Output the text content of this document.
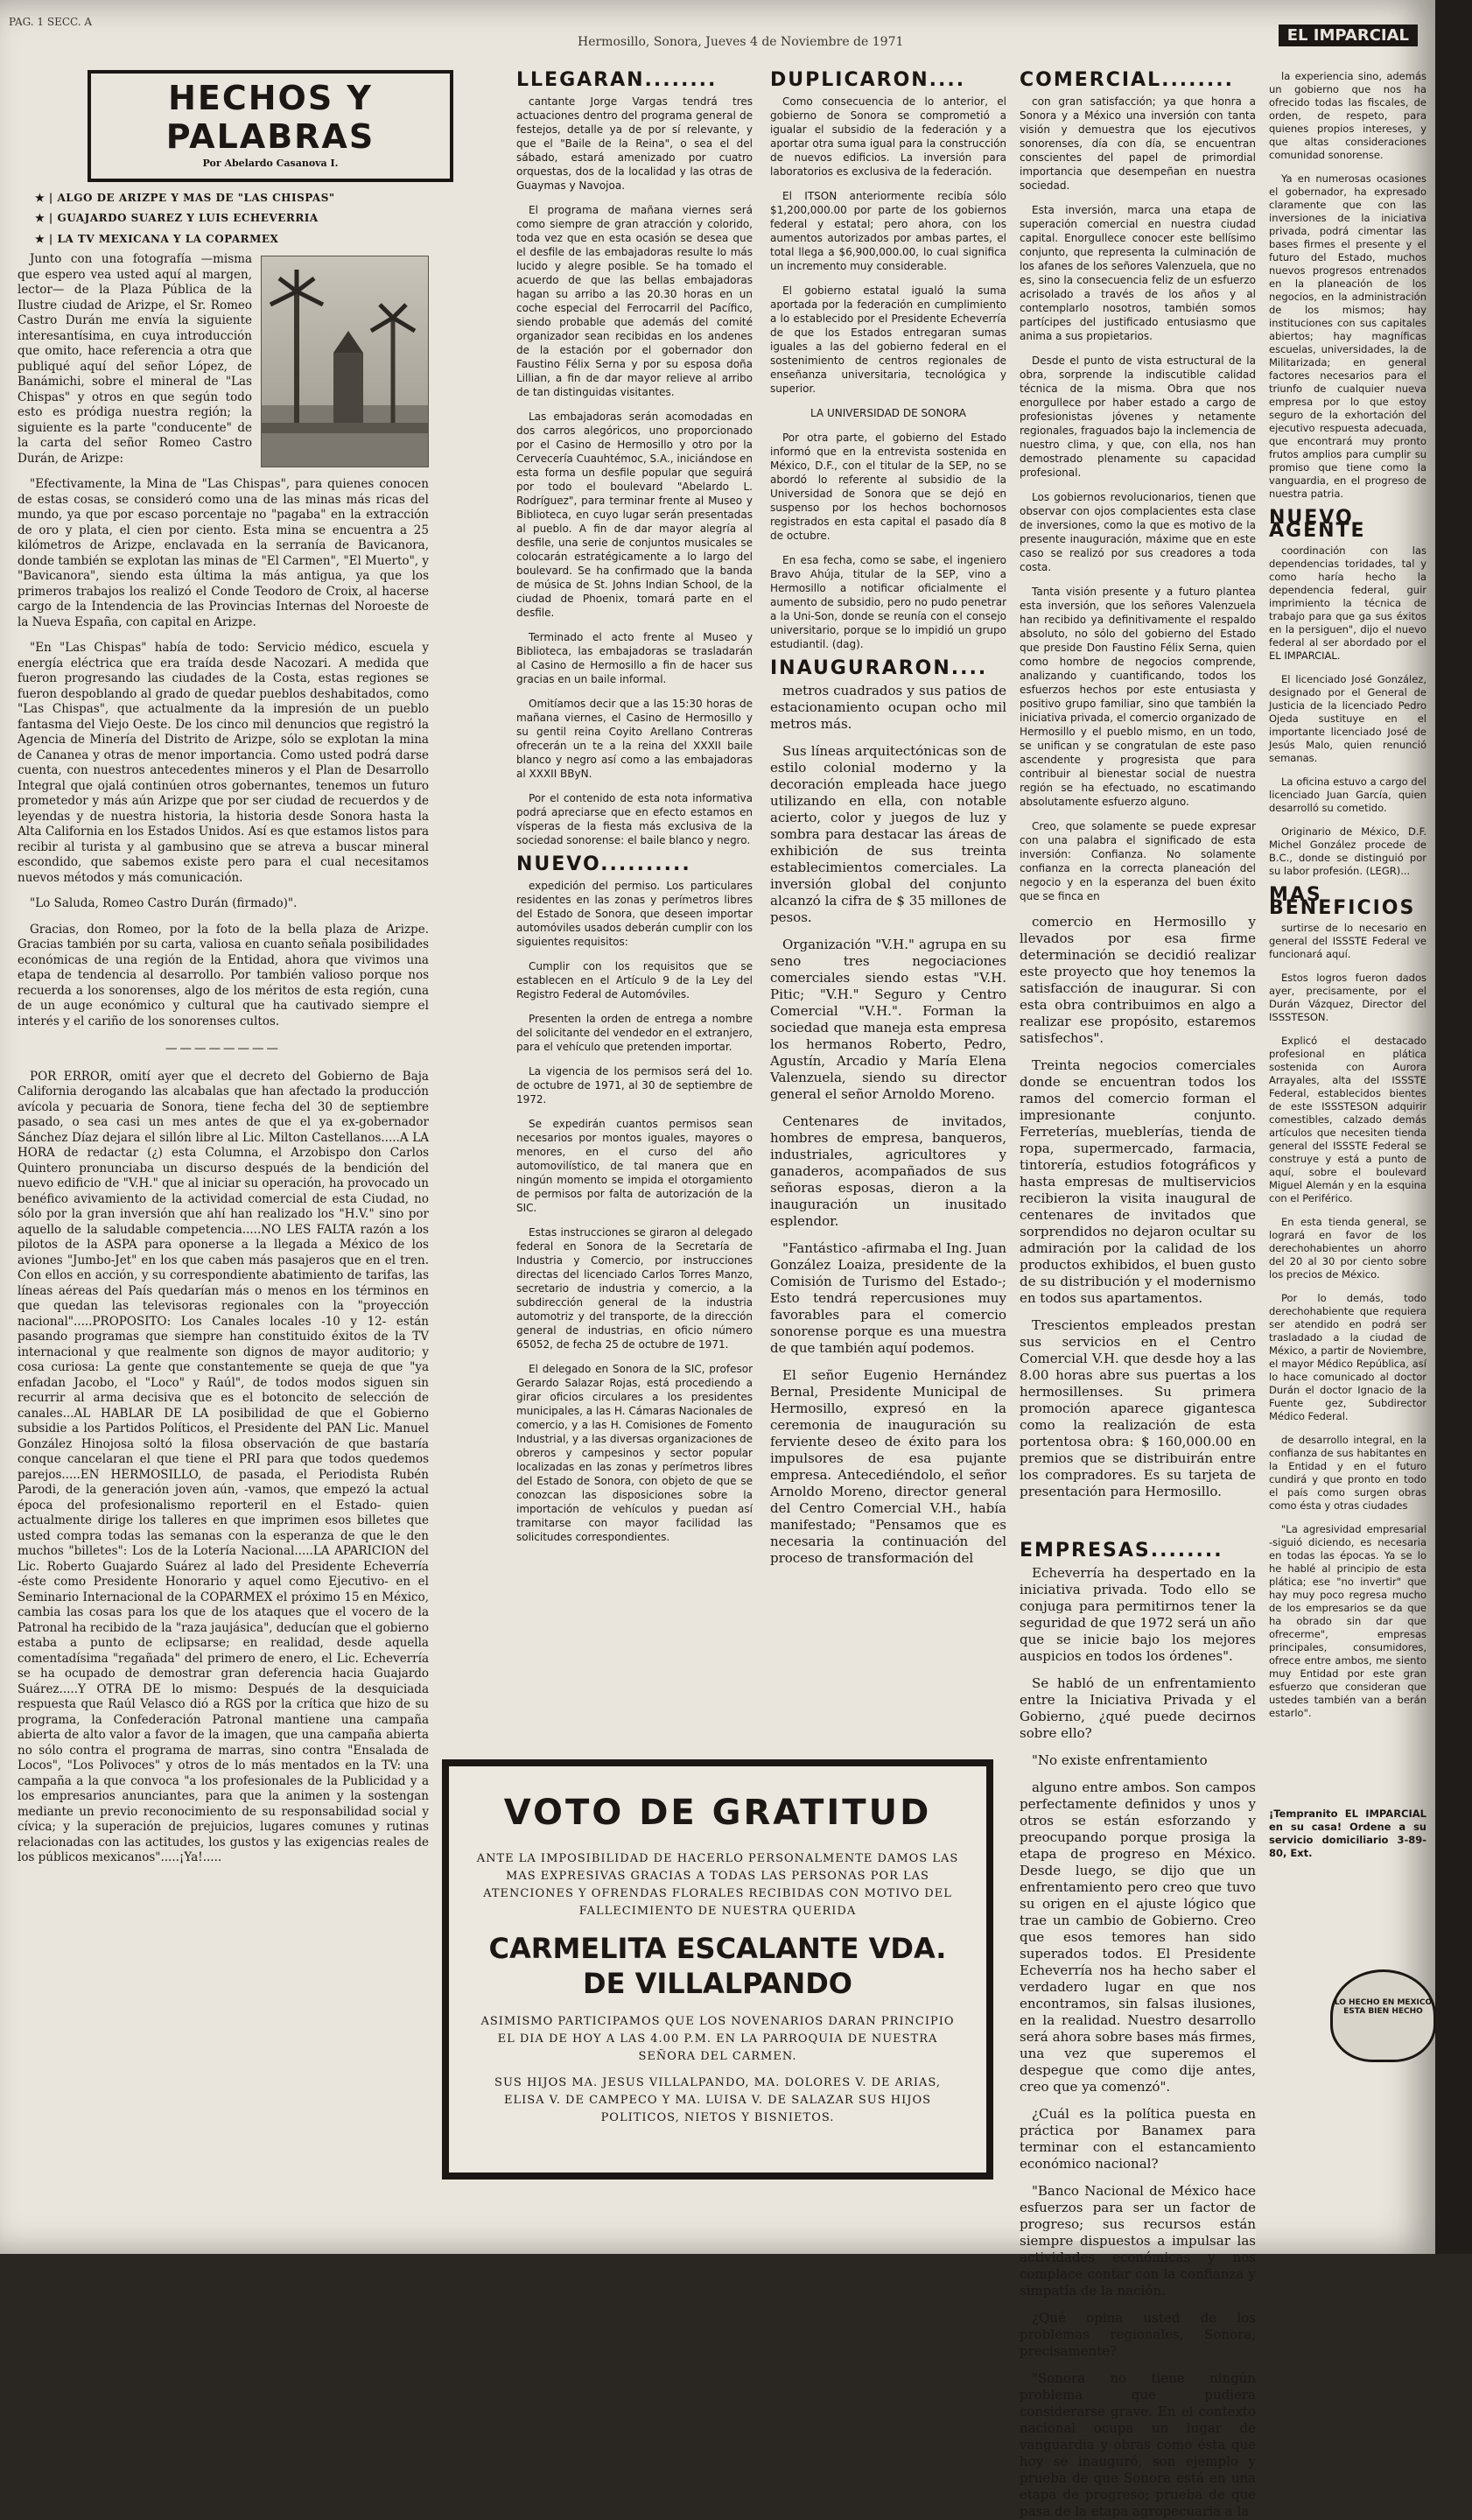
PAG. 1 SECC. A
Hermosillo, Sonora, Jueves 4 de Noviembre de 1971	EL IMPARCIAL
HECHOS Y PALABRAS
Por Abelardo Casanova I.
★ | ALGO DE ARIZPE Y MAS DE "LAS CHISPAS"
★ | GUAJARDO SUAREZ Y LUIS ECHEVERRIA
★ | LA TV MEXICANA Y LA COPARMEX

Junto con una fotografía —misma que espero vea usted aquí al margen, lector— de la Plaza Pública de la Ilustre ciudad de Arizpe, el Sr. Romeo Castro Durán me envía la siguiente interesantísima, en cuya introducción que omito, hace referencia a otra que publiqué aquí del señor López, de Banámichi, sobre el mineral de "Las Chispas" y otros en que según todo esto es pródiga nuestra región; la siguiente es la parte "conducente" de la carta del señor Romeo Castro Durán, de Arizpe:

"Efectivamente, la Mina de "Las Chispas", para quienes conocen de estas cosas, se consideró como una de las minas más ricas del mundo, ya que por escaso porcentaje no "pagaba" en la extracción de oro y plata, el cien por ciento. Esta mina se encuentra a 25 kilómetros de Arizpe, enclavada en la serranía de Bavicanora, donde también se explotan las minas de "El Carmen", "El Muerto", y "Bavicanora", siendo esta última la más antigua, ya que los primeros trabajos los realizó el Conde Teodoro de Croix, al hacerse cargo de la Intendencia de las Provincias Internas del Noroeste de la Nueva España, con capital en Arizpe.

"En "Las Chispas" había de todo: Servicio médico, escuela y energía eléctrica que era traída desde Nacozari. A medida que fueron progresando las ciudades de la Costa, estas regiones se fueron despoblando al grado de quedar pueblos deshabitados, como "Las Chispas", que actualmente da la impresión de un pueblo fantasma del Viejo Oeste. De los cinco mil denuncios que registró la Agencia de Minería del Distrito de Arizpe, sólo se explotan la mina de Cananea y otras de menor importancia. Como usted podrá darse cuenta, con nuestros antecedentes mineros y el Plan de Desarrollo Integral que ojalá continúen otros gobernantes, tenemos un futuro prometedor y más aún Arizpe que por ser ciudad de recuerdos y de leyendas y de nuestra historia, la historia desde Sonora hasta la Alta California en los Estados Unidos. Así es que estamos listos para recibir al turista y al gambusino que se atreva a buscar mineral escondido, que sabemos existe pero para el cual necesitamos nuevos métodos y más comunicación.

"Lo Saluda, Romeo Castro Durán (firmado)".

Gracias, don Romeo, por la foto de la bella plaza de Arizpe. Gracias también por su carta, valiosa en cuanto señala posibilidades económicas de una región de la Entidad, ahora que vivimos una etapa de tendencia al desarrollo. Por también valioso porque nos recuerda a los sonorenses, algo de los méritos de esta región, cuna de un auge económico y cultural que ha cautivado siempre el interés y el cariño de los sonorenses cultos.

————————

POR ERROR, omití ayer que el decreto del Gobierno de Baja California derogando las alcabalas que han afectado la producción avícola y pecuaria de Sonora, tiene fecha del 30 de septiembre pasado, o sea casi un mes antes de que el ya ex-gobernador Sánchez Díaz dejara el sillón libre al Lic. Milton Castellanos.....A LA HORA de redactar (¿) esta Columna, el Arzobispo don Carlos Quintero pronunciaba un discurso después de la bendición del nuevo edificio de "V.H." que al iniciar su operación, ha provocado un benéfico avivamiento de la actividad comercial de esta Ciudad, no sólo por la gran inversión que ahí han realizado los "H.V." sino por aquello de la saludable competencia.....NO LES FALTA razón a los pilotos de la ASPA para oponerse a la llegada a México de los aviones "Jumbo-Jet" en los que caben más pasajeros que en el tren. Con ellos en acción, y su correspondiente abatimiento de tarifas, las líneas aéreas del País quedarían más o menos en los términos en que quedan las televisoras regionales con la "proyección nacional".....PROPOSITO: Los Canales locales -10 y 12- están pasando programas que siempre han constituido éxitos de la TV internacional y que realmente son dignos de mayor auditorio; y cosa curiosa: La gente que constantemente se queja de que "ya enfadan Jacobo, el "Loco" y Raúl", de todos modos siguen sin recurrir al arma decisiva que es el botoncito de selección de canales...AL HABLAR DE LA posibilidad de que el Gobierno subsidie a los Partidos Políticos, el Presidente del PAN Lic. Manuel González Hinojosa soltó la filosa observación de que bastaría conque cancelaran el que tiene el PRI para que todos quedemos parejos.....EN HERMOSILLO, de pasada, el Periodista Rubén Parodi, de la generación joven aún, -vamos, que empezó la actual época del profesionalismo reporteril en el Estado- quien actualmente dirige los talleres en que imprimen esos billetes que usted compra todas las semanas con la esperanza de que le den muchos "billetes": Los de la Lotería Nacional.....LA APARICION del Lic. Roberto Guajardo Suárez al lado del Presidente Echeverría -éste como Presidente Honorario y aquel como Ejecutivo- en el Seminario Internacional de la COPARMEX el próximo 15 en México, cambia las cosas para los que de los ataques que el vocero de la Patronal ha recibido de la "raza jaujásica", deducían que el gobierno estaba a punto de eclipsarse; en realidad, desde aquella comentadísima "regañada" del primero de enero, el Lic. Echeverría se ha ocupado de demostrar gran deferencia hacia Guajardo Suárez.....Y OTRA DE lo mismo: Después de la desquiciada respuesta que Raúl Velasco dió a RGS por la crítica que hizo de su programa, la Confederación Patronal mantiene una campaña abierta de alto valor a favor de la imagen, que una campaña abierta no sólo contra el programa de marras, sino contra "Ensalada de Locos", "Los Polivoces" y otros de lo más mentados en la TV: una campaña a la que convoca "a los profesionales de la Publicidad y a los empresarios anunciantes, para que la animen y la sostengan mediante un previo reconocimiento de su responsabilidad social y cívica; y la superación de prejuicios, lugares comunes y rutinas relacionadas con las actitudes, los gustos y las exigencias reales de los públicos mexicanos".....¡Ya!.....

LLEGARAN........

cantante Jorge Vargas tendrá tres actuaciones dentro del programa general de festejos, detalle ya de por sí relevante, y que el "Baile de la Reina", o sea el del sábado, estará amenizado por cuatro orquestas, dos de la localidad y las otras de Guaymas y Navojoa.

El programa de mañana viernes será como siempre de gran atracción y colorido, toda vez que en esta ocasión se desea que el desfile de las embajadoras resulte lo más lucido y alegre posible. Se ha tomado el acuerdo de que las bellas embajadoras hagan su arribo a las 20.30 horas en un coche especial del Ferrocarril del Pacífico, siendo probable que además del comité organizador sean recibidas en los andenes de la estación por el gobernador don Faustino Félix Serna y por su esposa doña Lillian, a fin de dar mayor relieve al arribo de tan distinguidas visitantes.

Las embajadoras serán acomodadas en dos carros alegóricos, uno proporcionado por el Casino de Hermosillo y otro por la Cervecería Cuauhtémoc, S.A., iniciándose en esta forma un desfile popular que seguirá por todo el boulevard "Abelardo L. Rodríguez", para terminar frente al Museo y Biblioteca, en cuyo lugar serán presentadas al pueblo. A fin de dar mayor alegría al desfile, una serie de conjuntos musicales se colocarán estratégicamente a lo largo del boulevard. Se ha confirmado que la banda de música de St. Johns Indian School, de la ciudad de Phoenix, tomará parte en el desfile.

Terminado el acto frente al Museo y Biblioteca, las embajadoras se trasladarán al Casino de Hermosillo a fin de hacer sus gracias en un baile informal.

Omitíamos decir que a las 15:30 horas de mañana viernes, el Casino de Hermosillo y su gentil reina Coyito Arellano Contreras ofrecerán un te a la reina del XXXII baile blanco y negro así como a las embajadoras al XXXII BByN.

Por el contenido de esta nota informativa podrá apreciarse que en efecto estamos en vísperas de la fiesta más exclusiva de la sociedad sonorense: el baile blanco y negro.

NUEVO..........

expedición del permiso. Los particulares residentes en las zonas y perímetros libres del Estado de Sonora, que deseen importar automóviles usados deberán cumplir con los siguientes requisitos:

Cumplir con los requisitos que se establecen en el Artículo 9 de la Ley del Registro Federal de Automóviles.

Presenten la orden de entrega a nombre del solicitante del vendedor en el extranjero, para el vehículo que pretenden importar.

La vigencia de los permisos será del 1o. de octubre de 1971, al 30 de septiembre de 1972.

Se expedirán cuantos permisos sean necesarios por montos iguales, mayores o menores, en el curso del año automovilístico, de tal manera que en ningún momento se impida el otorgamiento de permisos por falta de autorización de la SIC.

Estas instrucciones se giraron al delegado federal en Sonora de la Secretaría de Industria y Comercio, por instrucciones directas del licenciado Carlos Torres Manzo, secretario de industria y comercio, a la subdirección general de la industria automotriz y del transporte, de la dirección general de industrias, en oficio número 65052, de fecha 25 de octubre de 1971.

El delegado en Sonora de la SIC, profesor Gerardo Salazar Rojas, está procediendo a girar oficios circulares a los presidentes municipales, a las H. Cámaras Nacionales de comercio, y a las H. Comisiones de Fomento Industrial, y a las diversas organizaciones de obreros y campesinos y sector popular localizadas en las zonas y perímetros libres del Estado de Sonora, con objeto de que se conozcan las disposiciones sobre la importación de vehículos y puedan así tramitarse con mayor facilidad las solicitudes correspondientes.

DUPLICARON....

Como consecuencia de lo anterior, el gobierno de Sonora se comprometió a igualar el subsidio de la federación y a aportar otra suma igual para la construcción de nuevos edificios. La inversión para laboratorios es exclusiva de la federación.

El ITSON anteriormente recibía sólo $1,200,000.00 por parte de los gobiernos federal y estatal; pero ahora, con los aumentos autorizados por ambas partes, el total llega a $6,900,000.00, lo cual significa un incremento muy considerable.

El gobierno estatal igualó la suma aportada por la federación en cumplimiento a lo establecido por el Presidente Echeverría de que los Estados entregaran sumas iguales a las del gobierno federal en el sostenimiento de centros regionales de enseñanza universitaria, tecnológica y superior.

LA UNIVERSIDAD DE SONORA

Por otra parte, el gobierno del Estado informó que en la entrevista sostenida en México, D.F., con el titular de la SEP, no se abordó lo referente al subsidio de la Universidad de Sonora que se dejó en suspenso por los hechos bochornosos registrados en esta capital el pasado día 8 de octubre.

En esa fecha, como se sabe, el ingeniero Bravo Ahúja, titular de la SEP, vino a Hermosillo a notificar oficialmente el aumento de subsidio, pero no pudo penetrar a la Uni-Son, donde se reunía con el consejo universitario, porque se lo impidió un grupo estudiantil. (dag).

INAUGURARON....

metros cuadrados y sus patios de estacionamiento ocupan ocho mil metros más.

Sus líneas arquitectónicas son de estilo colonial moderno y la decoración empleada hace juego utilizando en ella, con notable acierto, color y juegos de luz y sombra para destacar las áreas de exhibición de sus treinta establecimientos comerciales. La inversión global del conjunto alcanzó la cifra de $ 35 millones de pesos.

Organización "V.H." agrupa en su seno tres negociaciones comerciales siendo estas "V.H. Pitic; "V.H." Seguro y Centro Comercial "V.H.". Forman la sociedad que maneja esta empresa los hermanos Roberto, Pedro, Agustín, Arcadio y María Elena Valenzuela, siendo su director general el señor Arnoldo Moreno.

Centenares de invitados, hombres de empresa, banqueros, industriales, agricultores y ganaderos, acompañados de sus señoras esposas, dieron a la inauguración un inusitado esplendor.

"Fantástico -afirmaba el Ing. Juan González Loaiza, presidente de la Comisión de Turismo del Estado-; Esto tendrá repercusiones muy favorables para el comercio sonorense porque es una muestra de que también aquí podemos.

El señor Eugenio Hernández Bernal, Presidente Municipal de Hermosillo, expresó en la ceremonia de inauguración su ferviente deseo de éxito para los impulsores de esa pujante empresa. Antecediéndolo, el señor Arnoldo Moreno, director general del Centro Comercial V.H., había manifestado; "Pensamos que es necesaria la continuación del proceso de transformación del

COMERCIAL........

con gran satisfacción; ya que honra a Sonora y a México una inversión con tanta visión y demuestra que los ejecutivos sonorenses, día con día, se encuentran conscientes del papel de primordial importancia que desempeñan en nuestra sociedad.

Esta inversión, marca una etapa de superación comercial en nuestra ciudad capital. Enorgullece conocer este bellísimo conjunto, que representa la culminación de los afanes de los señores Valenzuela, que no es, sino la consecuencia feliz de un esfuerzo acrisolado a través de los años y al contemplarlo nosotros, también somos partícipes del justificado entusiasmo que anima a sus propietarios.

Desde el punto de vista estructural de la obra, sorprende la indiscutible calidad técnica de la misma. Obra que nos enorgullece por haber estado a cargo de profesionistas jóvenes y netamente regionales, fraguados bajo la inclemencia de nuestro clima, y que, con ella, nos han demostrado plenamente su capacidad profesional.

Los gobiernos revolucionarios, tienen que observar con ojos complacientes esta clase de inversiones, como la que es motivo de la presente inauguración, máxime que en este caso se realizó por sus creadores a toda costa.

Tanta visión presente y a futuro plantea esta inversión, que los señores Valenzuela han recibido ya definitivamente el respaldo absoluto, no sólo del gobierno del Estado que preside Don Faustino Félix Serna, quien como hombre de negocios comprende, analizando y cuantificando, todos los esfuerzos hechos por este entusiasta y positivo grupo familiar, sino que también la iniciativa privada, el comercio organizado de Hermosillo y el pueblo mismo, en un todo, se unifican y se congratulan de este paso ascendente y progresista que para contribuir al bienestar social de nuestra región se ha efectuado, no escatimando absolutamente esfuerzo alguno.

Creo, que solamente se puede expresar con una palabra el significado de esta inversión: Confianza. No solamente confianza en la correcta planeación del negocio y en la esperanza del buen éxito que se finca en

comercio en Hermosillo y llevados por esa firme determinación se decidió realizar este proyecto que hoy tenemos la satisfacción de inaugurar. Si con esta obra contribuimos en algo a realizar ese propósito, estaremos satisfechos".

Treinta negocios comerciales donde se encuentran todos los ramos del comercio forman el impresionante conjunto. Ferreterías, mueblerías, tienda de ropa, supermercado, farmacia, tintorería, estudios fotográficos y hasta empresas de multiservicios recibieron la visita inaugural de centenares de invitados que sorprendidos no dejaron ocultar su admiración por la calidad de los productos exhibidos, el buen gusto de su distribución y el modernismo en todos sus apartamentos.

Trescientos empleados prestan sus servicios en el Centro Comercial V.H. que desde hoy a las 8.00 horas abre sus puertas a los hermosillenses. Su primera promoción aparece gigantesca como la realización de esta portentosa obra: $ 160,000.00 en premios que se distribuirán entre los compradores. Es su tarjeta de presentación para Hermosillo.

la experiencia sino, además un gobierno que nos ha ofrecido todas las fiscales, de orden, de respeto, para quienes propios intereses, y que altas consideraciones comunidad sonorense.

Ya en numerosas ocasiones el gobernador, ha expresado claramente que con las inversiones de la iniciativa privada, podrá cimentar las bases firmes el presente y el futuro del Estado, muchos nuevos progresos entrenados en la planeación de los negocios, en la administración de los mismos; hay instituciones con sus capitales abiertos; hay magníficas escuelas, universidades, la de Militarizada; en general factores necesarios para el triunfo de cualquier nueva empresa por lo que estoy seguro de la exhortación del ejecutivo respuesta adecuada, que encontrará muy pronto frutos amplios para cumplir su promiso que tiene como la vanguardia, en el progreso de nuestra patria.

NUEVO AGENTE

coordinación con las dependencias toridades, tal y como haría hecho la dependencia federal, guir imprimiento la técnica de trabajo para que ga sus éxitos en la persiguen", dijo el nuevo federal al ser abordado por el EL IMPARCIAL.

El licenciado José González, designado por el General de Justicia de la licenciado Pedro Ojeda sustituye en el importante licenciado José de Jesús Malo, quien renunció semanas.

La oficina estuvo a cargo del licenciado Juan García, quien desarrolló su cometido.

Originario de México, D.F. Michel González procede de B.C., donde se distinguió por su labor profesión. (LEGR)...

MAS BENEFICIOS

surtirse de lo necesario en general del ISSSTE Federal ve funcionará aquí.

Estos logros fueron dados ayer, precisamente, por el Durán Vázquez, Director del ISSSTESON.

Explicó el destacado profesional en plática sostenida con Aurora Arrayales, alta del ISSSTE Federal, establecidos bientes de este ISSSTESON adquirir comestibles, calzado demás artículos que necesiten tienda general del ISSSTE Federal se construye y está a punto de aquí, sobre el boulevard Miguel Alemán y en la esquina con el Periférico.

En esta tienda general, se logrará en favor de los derechohabientes un ahorro del 20 al 30 por ciento sobre los precios de México.

Por lo demás, todo derechohabiente que requiera ser atendido en podrá ser trasladado a la ciudad de México, a partir de Noviembre, el mayor Médico República, así lo hace comunicado al doctor Durán el doctor Ignacio de la Fuente gez, Subdirector Médico Federal.

de desarrollo integral, en la confianza de sus habitantes en la Entidad y en el futuro cundirá y que pronto en todo el país como surgen obras como ésta y otras ciudades

"La agresividad empresarial -siguió diciendo, es necesaria en todas las épocas. Ya se lo he hablé al principio de esta plática; ese "no invertir" que hay muy poco regresa mucho de los empresarios se da que ha obrado sin dar que ofrecerme", empresas principales, consumidores, ofrece entre ambos, me siento muy Entidad por este gran esfuerzo que consideran que ustedes también van a berán estarlo".

¡Tempranito EL IMPARCIAL en su casa! Ordene a su servicio domiciliario 3-89-80, Ext.

EMPRESAS........

Echeverría ha despertado en la iniciativa privada. Todo ello se conjuga para permitirnos tener la seguridad de que 1972 será un año que se inicie bajo los mejores auspicios en todos los órdenes".

Se habló de un enfrentamiento entre la Iniciativa Privada y el Gobierno, ¿qué puede decirnos sobre ello?

"No existe enfrentamiento

alguno entre ambos. Son campos perfectamente definidos y unos y otros se están esforzando y preocupando porque prosiga la etapa de progreso en México. Desde luego, se dijo que un enfrentamiento pero creo que tuvo su origen en el ajuste lógico que trae un cambio de Gobierno. Creo que esos temores han sido superados todos. El Presidente Echeverría nos ha hecho saber el verdadero lugar en que nos encontramos, sin falsas ilusiones, en la realidad. Nuestro desarrollo será ahora sobre bases más firmes, una vez que superemos el despegue que como dije antes, creo que ya comenzó".

¿Cuál es la política puesta en práctica por Banamex para terminar con el estancamiento económico nacional?

"Banco Nacional de México hace esfuerzos para ser un factor de progreso; sus recursos están siempre dispuestos a impulsar las actividades económicas y nos complace contar con la confianza y simpatía de la nación.

¿Qué opina usted de los problemas regionales, Sonora, precisamente?

"Sonora no tiene ningún problema que pudiera considerarse grave. En el contexto nacional ocupa un lugar de vanguardia y obras como ésta que hoy se inauguró, son ejemplo y prueba de que Sonora está en una etapa de progreso; prueba de que pasa de la etapa agropecuaria a la

VOTO DE GRATITUD
ANTE LA IMPOSIBILIDAD DE HACERLO PERSONALMENTE DAMOS LAS MAS EXPRESIVAS GRACIAS A TODAS LAS PERSONAS POR LAS ATENCIONES Y OFRENDAS FLORALES RECIBIDAS CON MOTIVO DEL FALLECIMIENTO DE NUESTRA QUERIDA
CARMELITA ESCALANTE VDA. DE VILLALPANDO
ASIMISMO PARTICIPAMOS QUE LOS NOVENARIOS DARAN PRINCIPIO EL DIA DE HOY A LAS 4.00 P.M. EN LA PARROQUIA DE NUESTRA SEÑORA DEL CARMEN.
SUS HIJOS MA. JESUS VILLALPANDO, MA. DOLORES V. DE ARIAS, ELISA V. DE CAMPECO Y MA. LUISA V. DE SALAZAR SUS HIJOS POLITICOS, NIETOS Y BISNIETOS.
LO HECHO EN MEXICO ESTA BIEN HECHO
